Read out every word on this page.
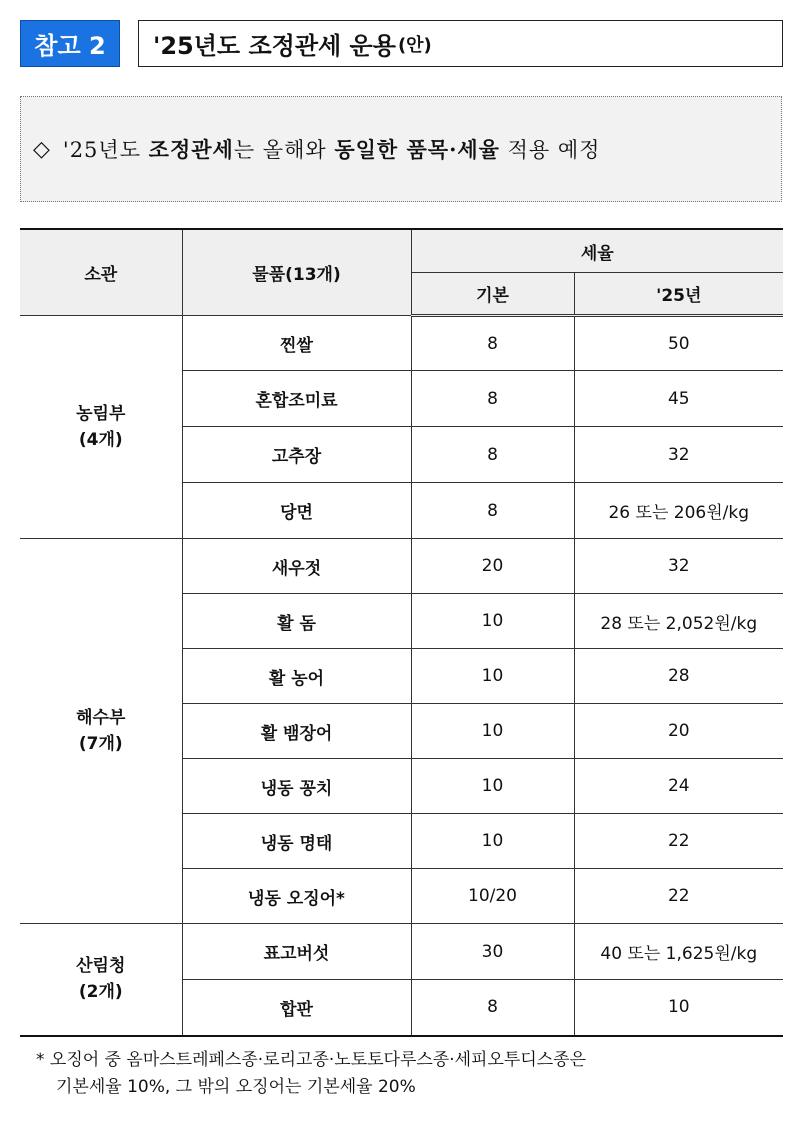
참고 2	'25년도 조정관세 운용 (안)
◇ '25년도 조정관세 는 올해와 동일한 품목·세율 적용 예정
소관	물품(13개)	세율	
		기본	'25년

농림부
(4개)	찐쌀	8	50
	혼합조미료	8	45
	고추장	8	32
	당면	8	26 또는 206원/kg

해수부
(7개)	새우젓	20	32
	활 돔	10	28 또는 2,052원/kg
	활 농어	10	28
	활 뱀장어	10	20
	냉동 꽁치	10	24
	냉동 명태	10	22
	냉동 오징어*	10/20	22

산림청
(2개)	표고버섯	30	40 또는 1,625원/kg
	합판	8	10
* 오징어 중 옴마스트레페스종·로리고종·노토토다루스종·세피오투디스종은
기본세율 10%, 그 밖의 오징어는 기본세율 20%
